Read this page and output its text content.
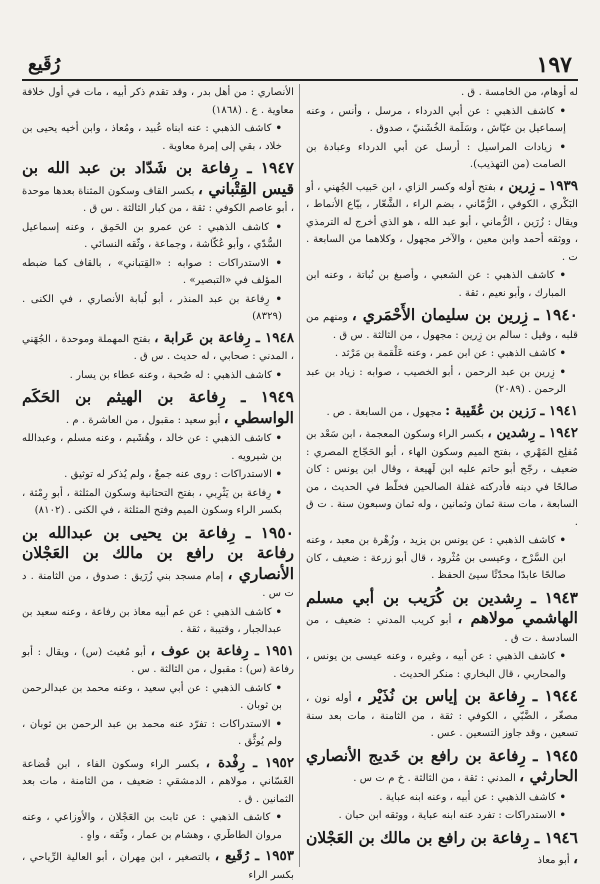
١٩٧
رُقَيع

له أوهام، من الخامسة . ق .

• كاشف الذهبي : عن أبي الدرداء ، مرسل ، وأنس ، وعنه إسماعيل بن عيّاش ، وسَلَمة الخُشَنيّ ، صدوق .

• زيادات المراسيل : أرسل عن أبي الدرداء وعبادة بن الصامت (من التهذيب).

١٩٣٩ ـ زِرين ، بفتح أوله وكسر الزاي ، ابن حَبيب الجُهني ، أو البَكْري ، الكوفي ، الرُّمّاني ، بضم الراء ، الشَّعّار ، بيّاع الأنماط ، ويقال : زُرَين ، الرُّماني ، أبو عبد الله ، هو الذي أخرج له الترمذي ، ووثقه أحمد وابن معين ، والآخر مجهول ، وكلاهما من السابعة . ت .

• كاشف الذهبي : عن الشعبي ، وأصبغ بن نُباتة ، وعنه ابن المبارك ، وأبو نعيم ، ثقة .

١٩٤٠ ـ زِرين بن سليمان الأَحْمَري ، ومنهم من قلبه ، وقيل : سالم بن زِرين : مجهول ، من الثالثة . س ق .

• كاشف الذهبي : عن ابن عمر ، وعنه عَلْقمة بن مَرْثد .

• زِرين بن عبد الرحمن ، أبو الخصيب ، صوابه : زياد بن عبد الرحمن . (٢٠٨٩)

١٩٤١ ـ رَزين بن عُقَيبة : مجهول ، من السابعة . ص .

١٩٤٢ ـ رِشدين ، بكسر الراء وسكون المعجمة ، ابن سَعْد بن مُفلِح المَهْري ، بفتح الميم وسكون الهاء ، أبو الحَجّاج المصري : ضعيف ، رجّح أبو حاتم عليه ابن لَهيعة ، وقال ابن يونس : كان صالحًا في دينه فأدركته غفلة الصالحين فخلّط في الحديث ، من السابعة ، مات سنة ثمان وثمانين ، وله ثمان وسبعون سنة . ت ق .

• كاشف الذهبي : عن يونس بن يزيد ، وزُهْرة بن معبد ، وعنه ابن السَّرْح ، وعيسى بن مُثْرود ، قال أبو زرعة : ضعيف ، كان صالحًا عابدًا محدّثًا سيئ الحفظ .

١٩٤٣ ـ رِشدين بن كُرَيب بن أبي مسلم الهاشمي مولاهم ، أبو كريب المدني : ضعيف ، من السادسة . ت ق .

• كاشف الذهبي : عن أبيه ، وغيره ، وعنه عيسى بن يونس ، والمحاربي ، قال البخاري : منكر الحديث .

١٩٤٤ ـ رِفاعة بن إياس بن نُذَيْر ، أوله نون ، مصغّر ، الضَّبّي ، الكوفي : ثقة ، من الثامنة ، مات بعد سنة تسعين ، وقد جاوز التسعين . عس .

١٩٤٥ ـ رِفاعة بن رافع بن خَديج الأنصاري الحارثي ، المدني : ثقة ، من الثالثة . خ م ت س .

• كاشف الذهبي : عن أبيه ، وعنه ابنه عباية .

• الاستدراكات : تفرد عنه ابنه عباية ، ووثقه ابن حبان .

١٩٤٦ ـ رِفاعة بن رافع بن مالك بن العَجْلان ، أبو معاذ

الأنصاري : من أهل بدر ، وقد تقدم ذكر أبيه ، مات في أول خلافة معاوية . ع . (١٨٦٨)

• كاشف الذهبي : عنه ابناه عُبيد ، ومُعاذ ، وابن أخيه يحيى بن خلاد ، بقي إلى إمرة معاوية .

١٩٤٧ ـ رِفاعة بن شَدّاد بن عبد الله بن قيس القِتْباني ، بكسر القاف وسكون المثناة بعدها موحدة ، أبو عاصم الكوفي : ثقة ، من كبار الثالثة . س ق .

• كاشف الذهبي : عن عمرو بن الحَمِق ، وعنه إسماعيل السُّدّي ، وأبو عُكّاشة ، وجماعة ، وثّقه النسائي .

• الاستدراكات : صوابه : «القِتباني» ، بالقاف كما ضبطه المؤلف في «التبصير» .

• رِفاعة بن عبد المنذر ، أبو لُبابة الأنصاري ، في الكنى . (٨٣٢٩)

١٩٤٨ ـ رِفاعة بن عَرابة ، بفتح المهملة وموحدة ، الجُهَني ، المدني : صحابي ، له حديث . س ق .

• كاشف الذهبي : له صُحبة ، وعنه عطاء بن يسار .

١٩٤٩ ـ رِفاعة بن الهيثم بن الحَكَم الواسطي ، أبو سعيد : مقبول ، من العاشرة . م .

• كاشف الذهبي : عن خالد ، وهُشَيم ، وعنه مسلم ، وعبدالله بن شيرويه .

• الاستدراكات : روى عنه جمعٌ ، ولم يُذكر له توثيق .

• رِفاعة بن يَثْرِبي ، بفتح التحتانية وسكون المثلثة ، أبو رِمْثة ، بكسر الراء وسكون الميم وفتح المثلثة ، في الكنى . (٨١٠٢)

١٩٥٠ ـ رِفاعة بن يحيى بن عبدالله بن رفاعة بن رافع بن مالك بن العَجْلان الأنصاري ، إمام مسجد بني زُرَيق : صدوق ، من الثامنة . د ت س .

• كاشف الذهبي : عن عم أبيه معاذ بن رفاعة ، وعنه سعيد بن عبدالجبار ، وقتيبة ، ثقة .

١٩٥١ ـ رِفاعة بن عوف ، أبو مُغيث (س) ، ويقال : أبو رفاعة (س) : مقبول ، من الثالثة . س .

• كاشف الذهبي : عن أبي سعيد ، وعنه محمد بن عبدالرحمن بن ثوبان .

• الاستدراكات : تفرّد عنه محمد بن عبد الرحمن بن ثوبان ، ولم يُوثَّق .

١٩٥٢ ـ رِفْدة ، بكسر الراء وسكون الفاء ، ابن قُضاعة الغَسّاني ، مولاهم ، الدمشقي : ضعيف ، من الثامنة ، مات بعد الثمانين . ق .

• كاشف الذهبي : عن ثابت بن العَجْلان ، والأوزاعي ، وعنه مروان الطاطَري ، وهشام بن عمار ، وثّقه ، واهٍ .

١٩٥٣ ـ رُقَيع ، بالتصغير ، ابن مِهران ، أبو العالية الرِّياحي ، بكسر الراء
